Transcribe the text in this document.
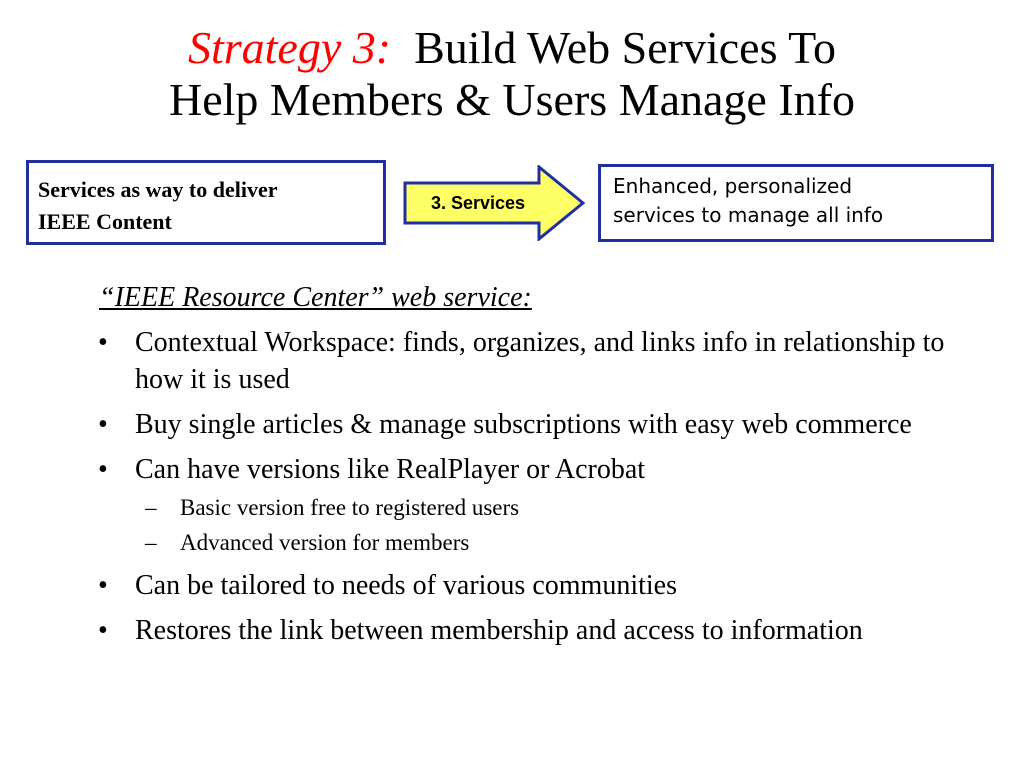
Strategy 3: Build Web Services To
Help Members & Users Manage Info
Services as way to deliver
IEEE Content
3. Services
Enhanced, personalized
services to manage all info
“IEEE Resource Center” web service:
• Contextual Workspace: finds, organizes, and links info in relationship to how it is used
• Buy single articles & manage subscriptions with easy web commerce
• Can have versions like RealPlayer or Acrobat
– Basic version free to registered users
– Advanced version for members
• Can be tailored to needs of various communities
• Restores the link between membership and access to information
